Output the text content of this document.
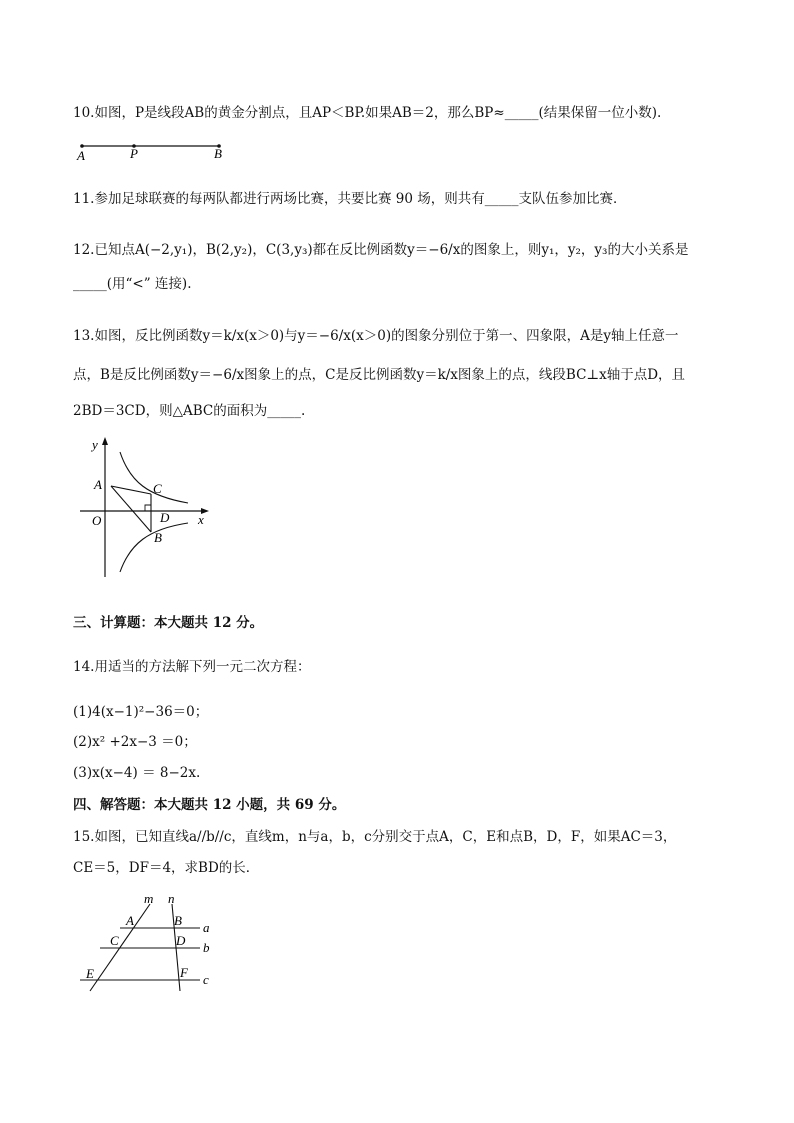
10.如图，P是线段AB的黄金分割点，且AP＜BP.如果AB＝2，那么BP≈_____(结果保留一位小数).
A	P	B
11.参加足球联赛的每两队都进行两场比赛，共要比赛 90 场，则共有_____支队伍参加比赛．
12.已知点A(−2,y₁)，B(2,y₂)，C(3,y₃)都在反比例函数y＝−6/x的图象上，则y₁，y₂，y₃的大小关系是
_____(用“<” 连接).
13.如图，反比例函数y＝k/x(x＞0)与y＝−6/x(x＞0)的图象分别位于第一、四象限，A是y轴上任意一
点，B是反比例函数y＝−6/x图象上的点，C是反比例函数y＝k/x图象上的点，线段BC⊥x轴于点D，且
2BD＝3CD，则△ABC的面积为_____.
y
x
O
A	C
D
B
三、计算题：本大题共 12 分。
14.用适当的方法解下列一元二次方程：
(1)4(x−1)²−36＝0；
(2)x² +2x−3 ＝0；
(3)x(x−4) ＝ 8−2x.
四、解答题：本大题共 12 小题，共 69 分。
15.如图，已知直线a//b//c，直线m，n与a，b，c分别交于点A，C，E和点B，D，F，如果AC＝3，
CE＝5，DF＝4，求BD的长．
m n
A	B
C	D
E	F
a
b
c
